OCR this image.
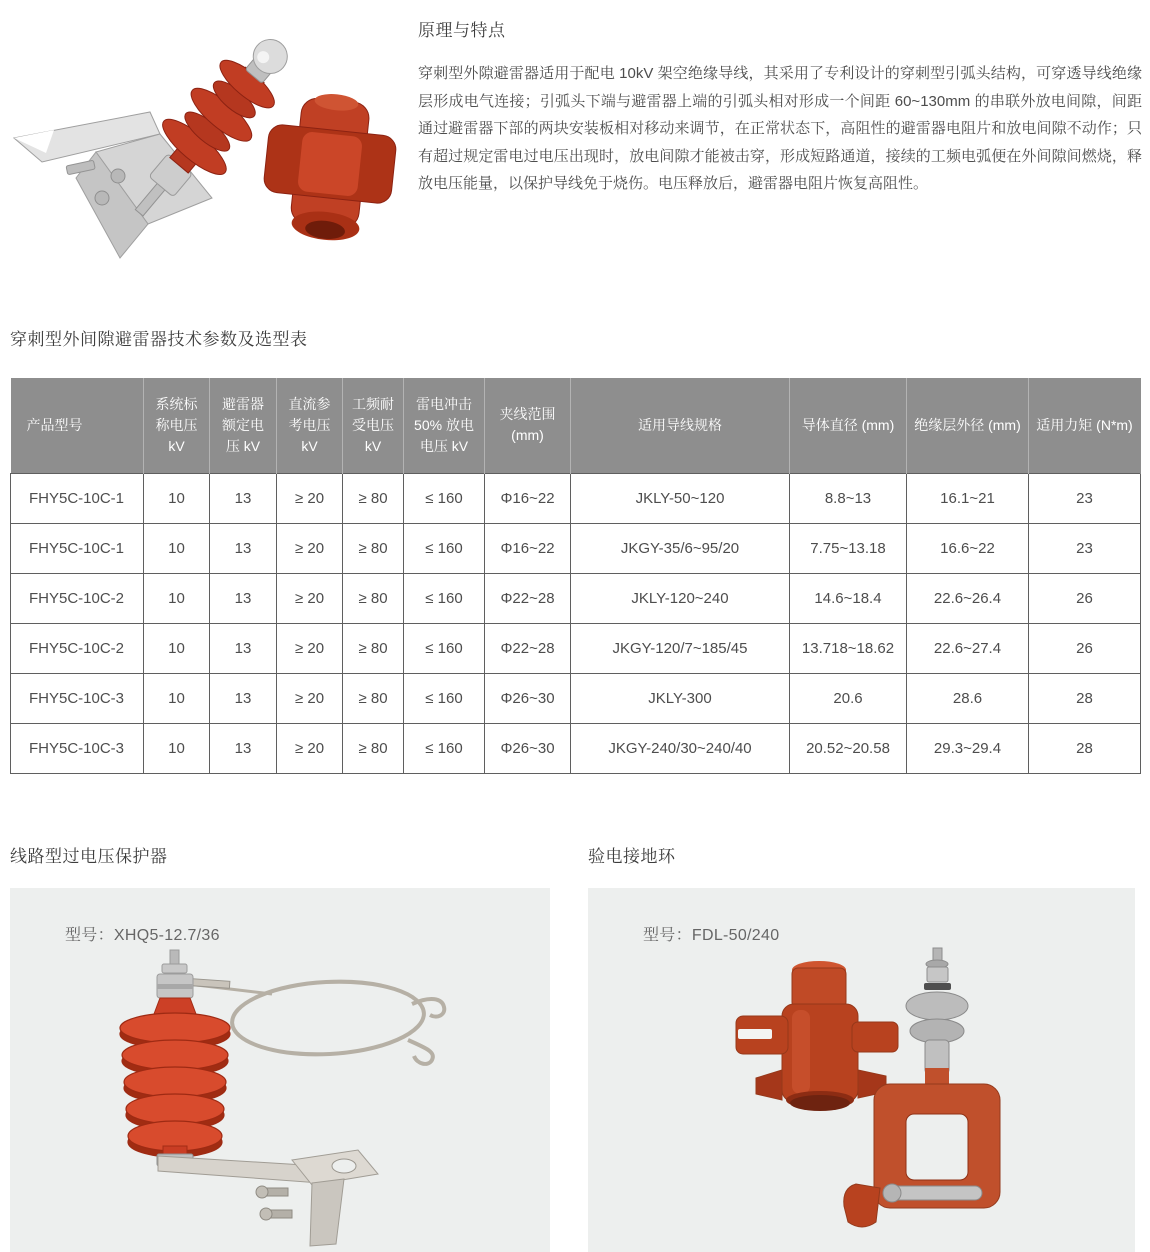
原理与特点

穿刺型外隙避雷器适用于配电 10kV 架空绝缘导线，其采用了专利设计的穿刺型引弧头结构，可穿透导线绝缘层形成电气连接；引弧头下端与避雷器上端的引弧头相对形成一个间距 60~130mm 的串联外放电间隙，间距通过避雷器下部的两块安装板相对移动来调节，在正常状态下，高阻性的避雷器电阻片和放电间隙不动作；只有超过规定雷电过电压出现时，放电间隙才能被击穿，形成短路通道，接续的工频电弧便在外间隙间燃烧，释放电压能量，以保护导线免于烧伤。电压释放后，避雷器电阻片恢复高阻性。

穿刺型外间隙避雷器技术参数及选型表
产品型号	系统标称电压 kV	避雷器额定电压 kV	直流参考电压 kV	工频耐受电压 kV	雷电冲击 50% 放电电压 kV	夹线范围 (mm)	适用导线规格	导体直径 (mm)	绝缘层外径 (mm)	适用力矩 (N*m)
FHY5C-10C-1	10	13	≥ 20	≥ 80	≤ 160	Φ16~22	JKLY-50~120	8.8~13	16.1~21	23
FHY5C-10C-1	10	13	≥ 20	≥ 80	≤ 160	Φ16~22	JKGY-35/6~95/20	7.75~13.18	16.6~22	23
FHY5C-10C-2	10	13	≥ 20	≥ 80	≤ 160	Φ22~28	JKLY-120~240	14.6~18.4	22.6~26.4	26
FHY5C-10C-2	10	13	≥ 20	≥ 80	≤ 160	Φ22~28	JKGY-120/7~185/45	13.718~18.62	22.6~27.4	26
FHY5C-10C-3	10	13	≥ 20	≥ 80	≤ 160	Φ26~30	JKLY-300	20.6	28.6	28
FHY5C-10C-3	10	13	≥ 20	≥ 80	≤ 160	Φ26~30	JKGY-240/30~240/40	20.52~20.58	29.3~29.4	28
线路型过电压保护器
型号：XHQ5-12.7/36
验电接地环
型号：FDL-50/240
